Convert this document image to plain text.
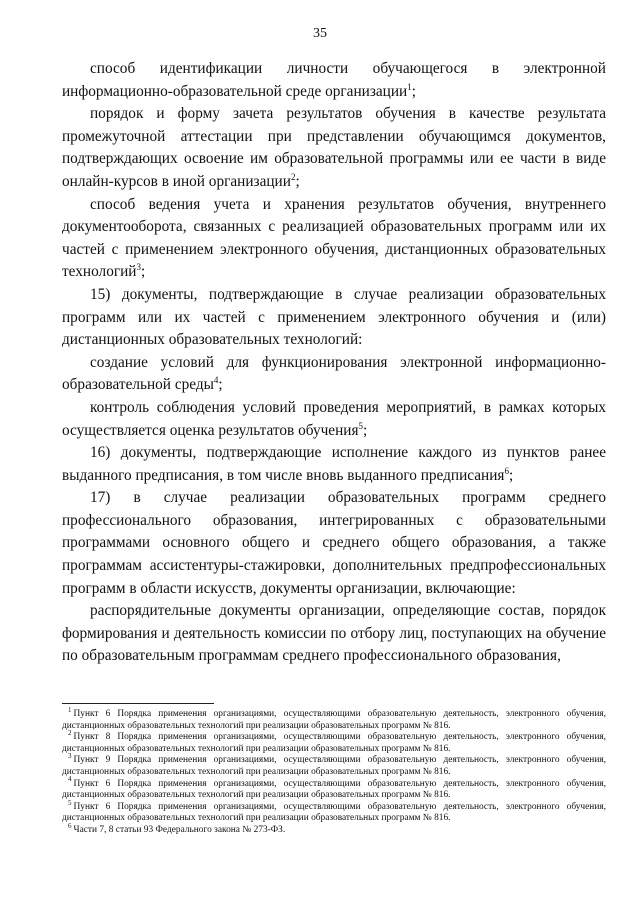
35

способ идентификации личности обучающегося в электронной информационно-образовательной среде организации$^1$;

порядок и форму зачета результатов обучения в качестве результата промежуточной аттестации при представлении обучающимся документов, подтверждающих освоение им образовательной программы или ее части в виде онлайн-курсов в иной организации$^2$;

способ ведения учета и хранения результатов обучения, внутреннего документооборота, связанных с реализацией образовательных программ или их частей с применением электронного обучения, дистанционных образовательных технологий$^3$;

15) документы, подтверждающие в случае реализации образовательных программ или их частей с применением электронного обучения и (или) дистанционных образовательных технологий:

создание условий для функционирования электронной информационно-образовательной среды$^4$;

контроль соблюдения условий проведения мероприятий, в рамках которых осуществляется оценка результатов обучения$^5$;

16) документы, подтверждающие исполнение каждого из пунктов ранее выданного предписания, в том числе вновь выданного предписания$^6$;

17) в случае реализации образовательных программ среднего профессионального образования, интегрированных с образовательными программами основного общего и среднего общего образования, а также программам ассистентуры-стажировки, дополнительных предпрофессиональных программ в области искусств, документы организации, включающие:

распорядительные документы организации, определяющие состав, порядок формирования и деятельность комиссии по отбору лиц, поступающих на обучение по образовательным программам среднего профессионального образования,

$^1$ Пункт 6 Порядка применения организациями, осуществляющими образовательную деятельность, электронного обучения, дистанционных образовательных технологий при реализации образовательных программ № 816.

$^2$ Пункт 8 Порядка применения организациями, осуществляющими образовательную деятельность, электронного обучения, дистанционных образовательных технологий при реализации образовательных программ № 816.

$^3$ Пункт 9 Порядка применения организациями, осуществляющими образовательную деятельность, электронного обучения, дистанционных образовательных технологий при реализации образовательных программ № 816.

$^4$ Пункт 6 Порядка применения организациями, осуществляющими образовательную деятельность, электронного обучения, дистанционных образовательных технологий при реализации образовательных программ № 816.

$^5$ Пункт 6 Порядка применения организациями, осуществляющими образовательную деятельность, электронного обучения, дистанционных образовательных технологий при реализации образовательных программ № 816.

$^6$ Части 7, 8 статьи 93 Федерального закона № 273-ФЗ.
